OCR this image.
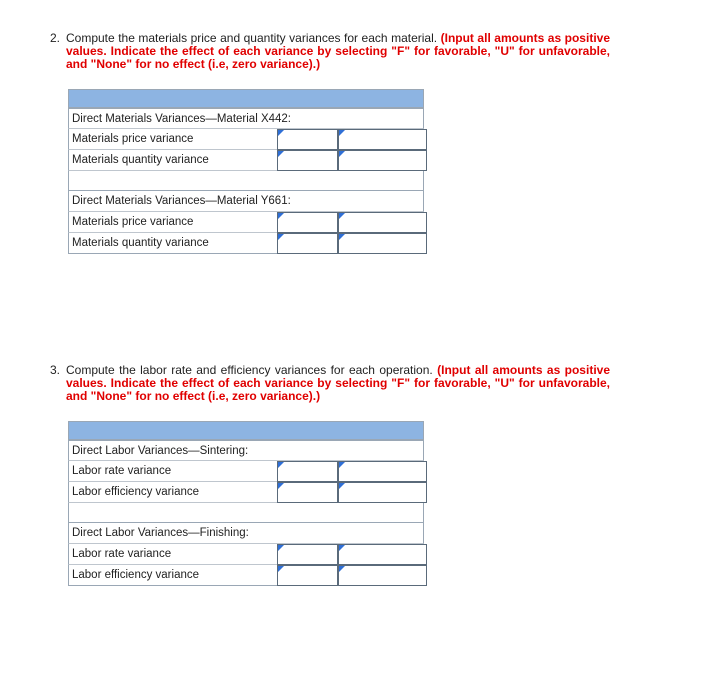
2. Compute the materials price and quantity variances for each material. (Input all amounts as positive values. Indicate the effect of each variance by selecting "F" for favorable, "U" for unfavorable, and "None" for no effect (i.e, zero variance).)
Direct Materials Variances—Material X442:
Materials price variance
Materials quantity variance
Direct Materials Variances—Material Y661:
Materials price variance
Materials quantity variance
3. Compute the labor rate and efficiency variances for each operation. (Input all amounts as positive values. Indicate the effect of each variance by selecting "F" for favorable, "U" for unfavorable, and "None" for no effect (i.e, zero variance).)
Direct Labor Variances—Sintering:
Labor rate variance
Labor efficiency variance
Direct Labor Variances—Finishing:
Labor rate variance
Labor efficiency variance
